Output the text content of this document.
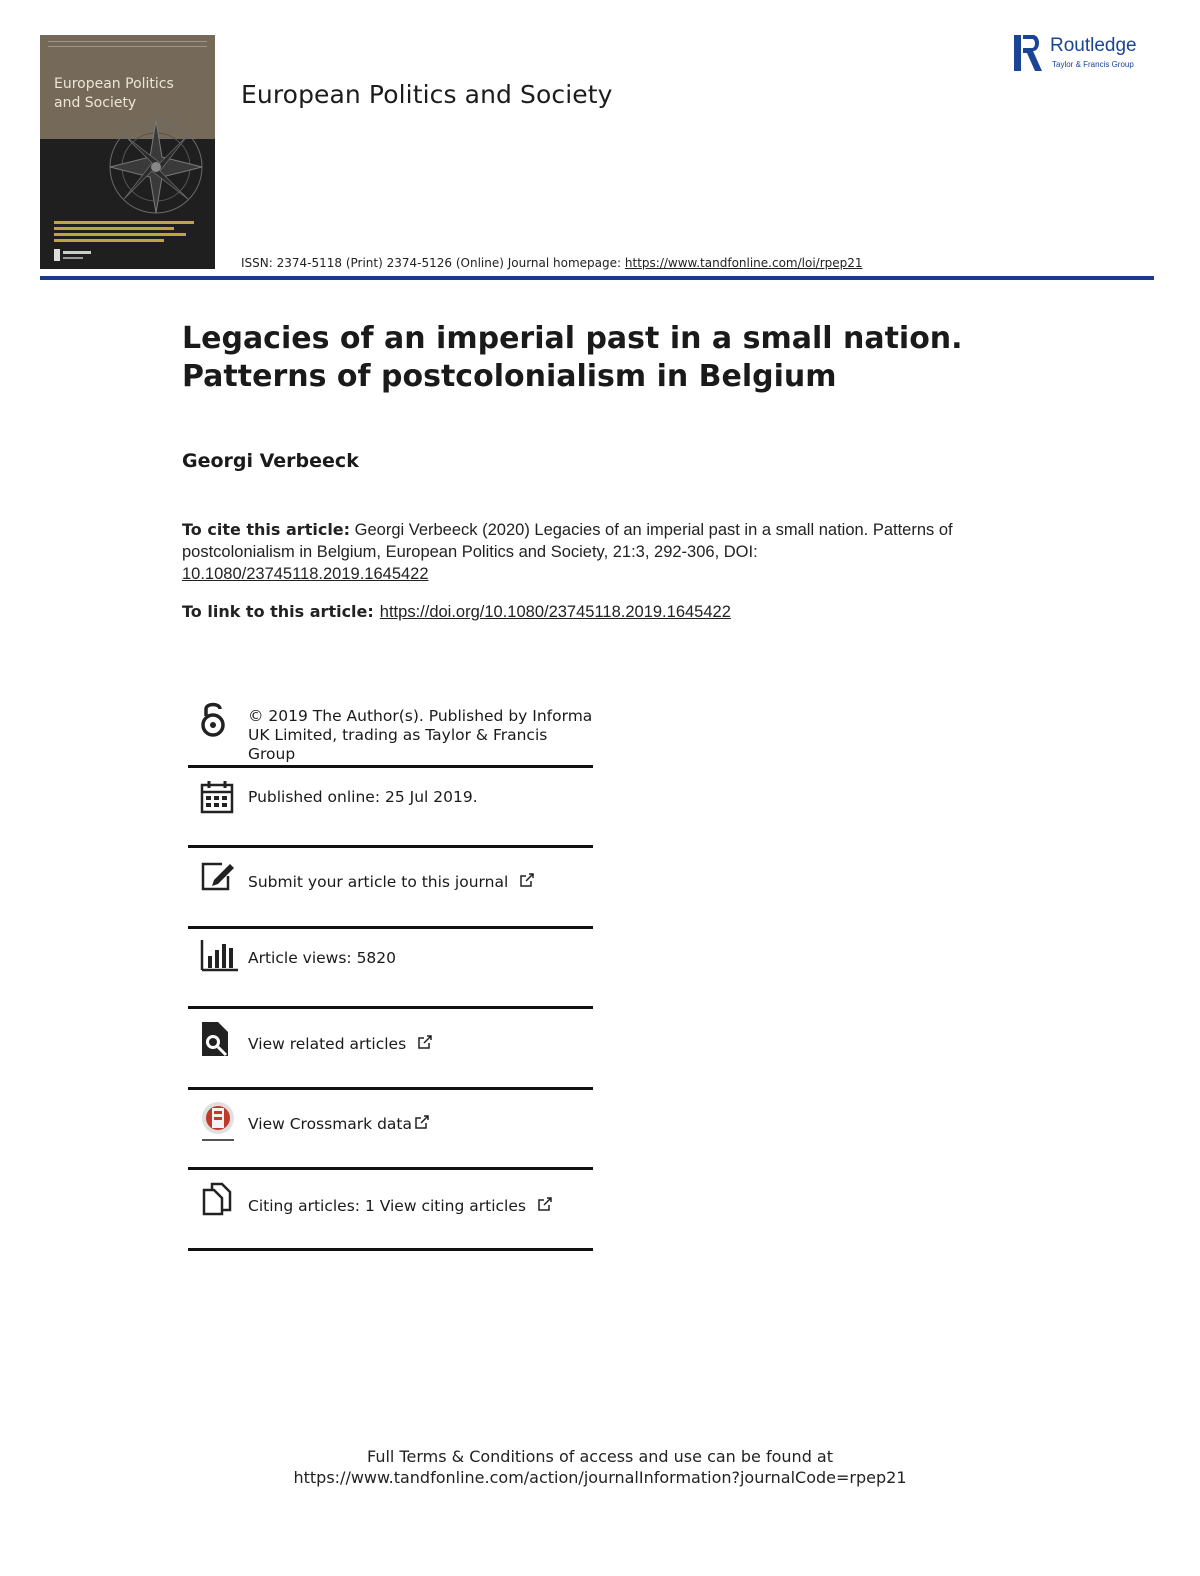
European Politics and Society	European Politics and Society
ISSN: 2374-5118 (Print) 2374-5126 (Online) Journal homepage: https://www.tandfonline.com/loi/rpep21
Routledge
Taylor & Francis Group
Legacies of an imperial past in a small nation.
Patterns of postcolonialism in Belgium
Georgi Verbeeck
To cite this article: Georgi Verbeeck (2020) Legacies of an imperial past in a small nation. Patterns of postcolonialism in Belgium, European Politics and Society, 21:3, 292-306, DOI: 10.1080/23745118.2019.1645422
To link to this article: https://doi.org/10.1080/23745118.2019.1645422
© 2019 The Author(s). Published by Informa
UK Limited, trading as Taylor & Francis
Group
Published online: 25 Jul 2019.
Submit your article to this journal
Article views: 5820
View related articles
View Crossmark data
Citing articles: 1 View citing articles
Full Terms & Conditions of access and use can be found at
https://www.tandfonline.com/action/journalInformation?journalCode=rpep21
